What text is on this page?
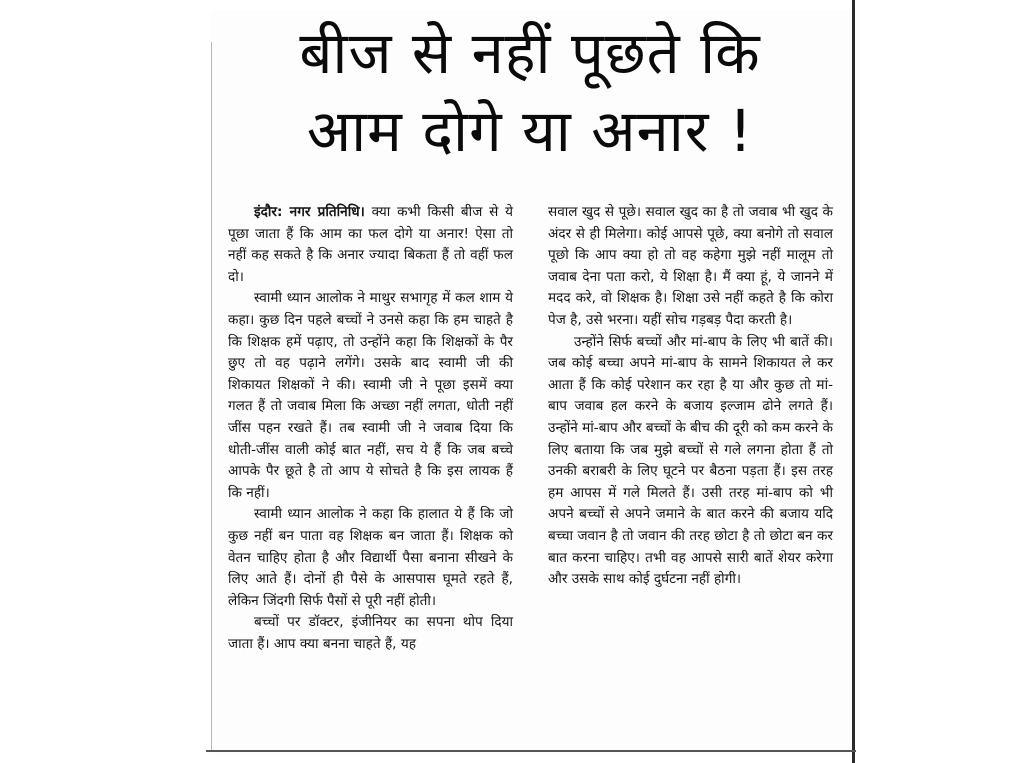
बीज से नहीं पूछते कि
आम दोगे या अनार !

इंदौर: नगर प्रतिनिधि। क्या कभी किसी बीज से ये पूछा जाता हैं कि आम का फल दोगे या अनार! ऐसा तो नहीं कह सकते है कि अनार ज्यादा बिकता हैं तो वहीं फल दो।

स्वामी ध्यान आलोक ने माथुर सभागृह में कल शाम ये कहा। कुछ दिन पहले बच्चों ने उनसे कहा कि हम चाहते है कि शिक्षक हमें पढ़ाए, तो उन्होंने कहा कि शिक्षकों के पैर छुए तो वह पढ़ाने लगेंगे। उसके बाद स्वामी जी की शिकायत शिक्षकों ने की। स्वामी जी ने पूछा इसमें क्या गलत हैं तो जवाब मिला कि अच्छा नहीं लगता, धोती नहीं जींस पहन रखते हैं। तब स्वामी जी ने जवाब दिया कि धोती-जींस वाली कोई बात नहीं, सच ये हैं कि जब बच्चे आपके पैर छूते है तो आप ये सोचते है कि इस लायक हैं कि नहीं।

स्वामी ध्यान आलोक ने कहा कि हालात ये हैं कि जो कुछ नहीं बन पाता वह शिक्षक बन जाता हैं। शिक्षक को वेतन चाहिए होता है और विद्यार्थी पैसा बनाना सीखने के लिए आते हैं। दोनों ही पैसे के आसपास घूमते रहते हैं, लेकिन जिंदगी सिर्फ पैसों से पूरी नहीं होती।

बच्चों पर डॉक्टर, इंजीनियर का सपना थोप दिया जाता हैं। आप क्या बनना चाहते हैं, यह

सवाल खुद से पूछे। सवाल खुद का है तो जवाब भी खुद के अंदर से ही मिलेगा। कोई आपसे पूछे, क्या बनोगे तो सवाल पूछो कि आप क्या हो तो वह कहेगा मुझे नहीं मालूम तो जवाब देना पता करो, ये शिक्षा है। मैं क्या हूं, ये जानने में मदद करे, वो शिक्षक है। शिक्षा उसे नहीं कहते है कि कोरा पेज है, उसे भरना। यहीं सोच गड़बड़ पैदा करती है।

उन्होंने सिर्फ बच्चों और मां-बाप के लिए भी बातें की। जब कोई बच्चा अपने मां-बाप के सामने शिकायत ले कर आता हैं कि कोई परेशान कर रहा है या और कुछ तो मां-बाप जवाब हल करने के बजाय इल्जाम ढोने लगते हैं। उन्होंने मां-बाप और बच्चों के बीच की दूरी को कम करने के लिए बताया कि जब मुझे बच्चों से गले लगना होता हैं तो उनकी बराबरी के लिए घूटने पर बैठना पड़ता हैं। इस तरह हम आपस में गले मिलते हैं। उसी तरह मां-बाप को भी अपने बच्चों से अपने जमाने के बात करने की बजाय यदि बच्चा जवान है तो जवान की तरह छोटा है तो छोटा बन कर बात करना चाहिए। तभी वह आपसे सारी बातें शेयर करेगा और उसके साथ कोई दुर्घटना नहीं होगी।
